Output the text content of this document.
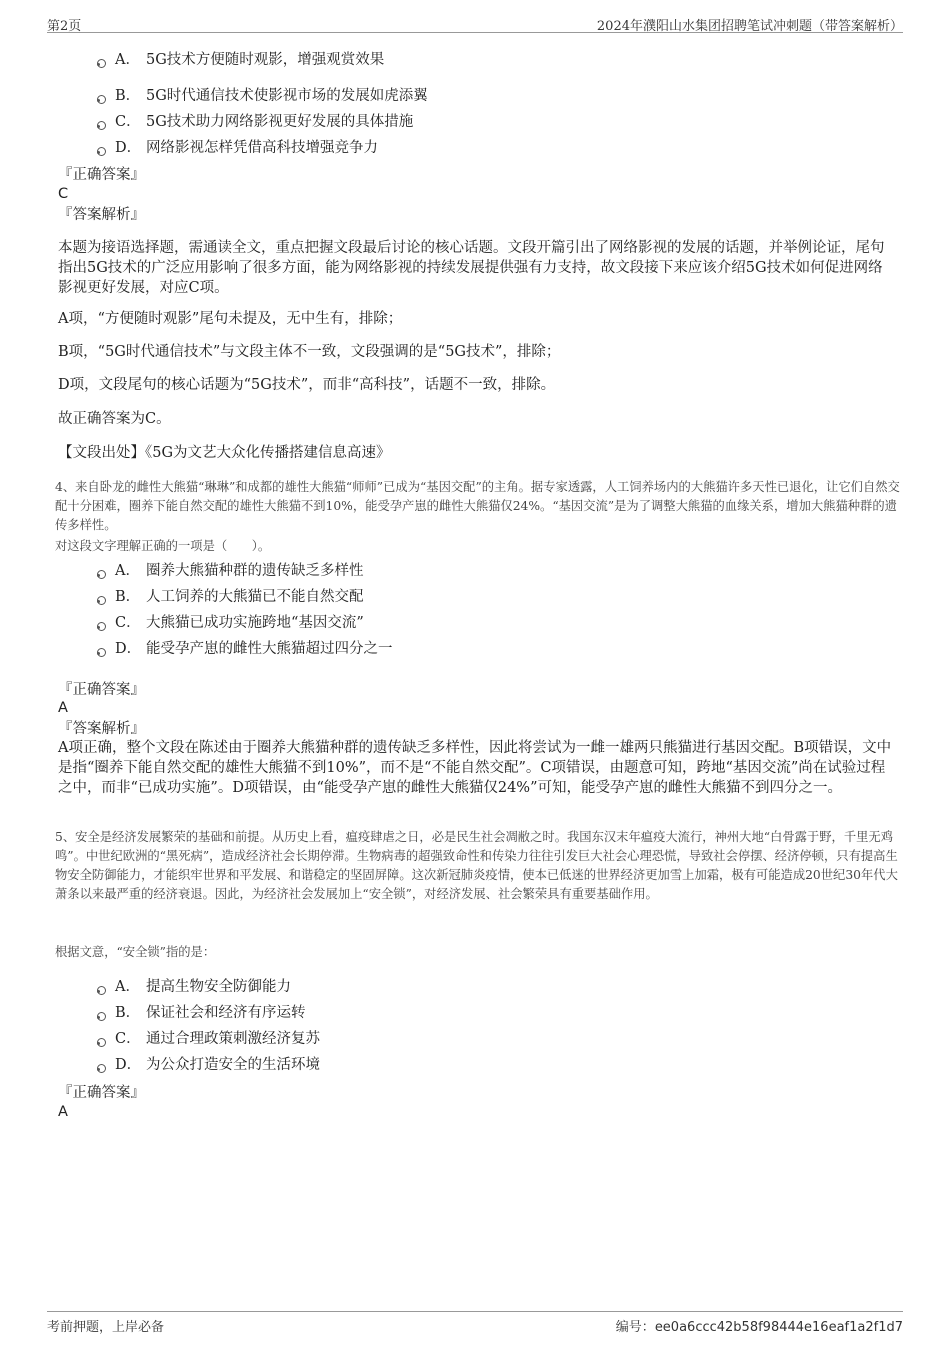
第2页	2024年濮阳山水集团招聘笔试冲刺题（带答案解析）
A． 5G技术方便随时观影，增强观赏效果
B． 5G时代通信技术使影视市场的发展如虎添翼
C． 5G技术助力网络影视更好发展的具体措施
D． 网络影视怎样凭借高科技增强竞争力
『正确答案』
C
『答案解析』
本题为接语选择题，需通读全文，重点把握文段最后讨论的核心话题。文段开篇引出了网络影视的发展的话题，并举例论证，尾句指出5G技术的广泛应用影响了很多方面，能为网络影视的持续发展提供强有力支持，故文段接下来应该介绍5G技术如何促进网络影视更好发展，对应C项。
A项，“方便随时观影”尾句未提及，无中生有，排除；
B项，“5G时代通信技术”与文段主体不一致，文段强调的是“5G技术”，排除；
D项，文段尾句的核心话题为“5G技术”，而非“高科技”，话题不一致，排除。
故正确答案为C。
【文段出处】《5G为文艺大众化传播搭建信息高速》
4、来自卧龙的雌性大熊猫“琳琳”和成都的雄性大熊猫“师师”已成为“基因交配”的主角。据专家透露，人工饲养场内的大熊猫许多天性已退化，让它们自然交配十分困难，圈养下能自然交配的雄性大熊猫不到10%，能受孕产崽的雌性大熊猫仅24%。“基因交流”是为了调整大熊猫的血缘关系，增加大熊猫种群的遗传多样性。
对这段文字理解正确的一项是（　　）。
A． 圈养大熊猫种群的遗传缺乏多样性
B． 人工饲养的大熊猫已不能自然交配
C． 大熊猫已成功实施跨地“基因交流”
D． 能受孕产崽的雌性大熊猫超过四分之一
『正确答案』
A
『答案解析』
A项正确，整个文段在陈述由于圈养大熊猫种群的遗传缺乏多样性，因此将尝试为一雌一雄两只熊猫进行基因交配。B项错误，文中是指“圈养下能自然交配的雄性大熊猫不到10%”，而不是“不能自然交配”。C项错误，由题意可知，跨地“基因交流”尚在试验过程之中，而非“已成功实施”。D项错误，由“能受孕产崽的雌性大熊猫仅24%”可知，能受孕产崽的雌性大熊猫不到四分之一。
5、安全是经济发展繁荣的基础和前提。从历史上看，瘟疫肆虐之日，必是民生社会凋敝之时。我国东汉末年瘟疫大流行，神州大地“白骨露于野，千里无鸡鸣”。中世纪欧洲的“黑死病”，造成经济社会长期停滞。生物病毒的超强致命性和传染力往往引发巨大社会心理恐慌，导致社会停摆、经济停顿，只有提高生物安全防御能力，才能织牢世界和平发展、和谐稳定的坚固屏障。这次新冠肺炎疫情，使本已低迷的世界经济更加雪上加霜，极有可能造成20世纪30年代大萧条以来最严重的经济衰退。因此，为经济社会发展加上“安全锁”，对经济发展、社会繁荣具有重要基础作用。
根据文意，“安全锁”指的是：
A． 提高生物安全防御能力
B． 保证社会和经济有序运转
C． 通过合理政策刺激经济复苏
D． 为公众打造安全的生活环境
『正确答案』
A
考前押题，上岸必备	编号：ee0a6ccc42b58f98444e16eaf1a2f1d7
